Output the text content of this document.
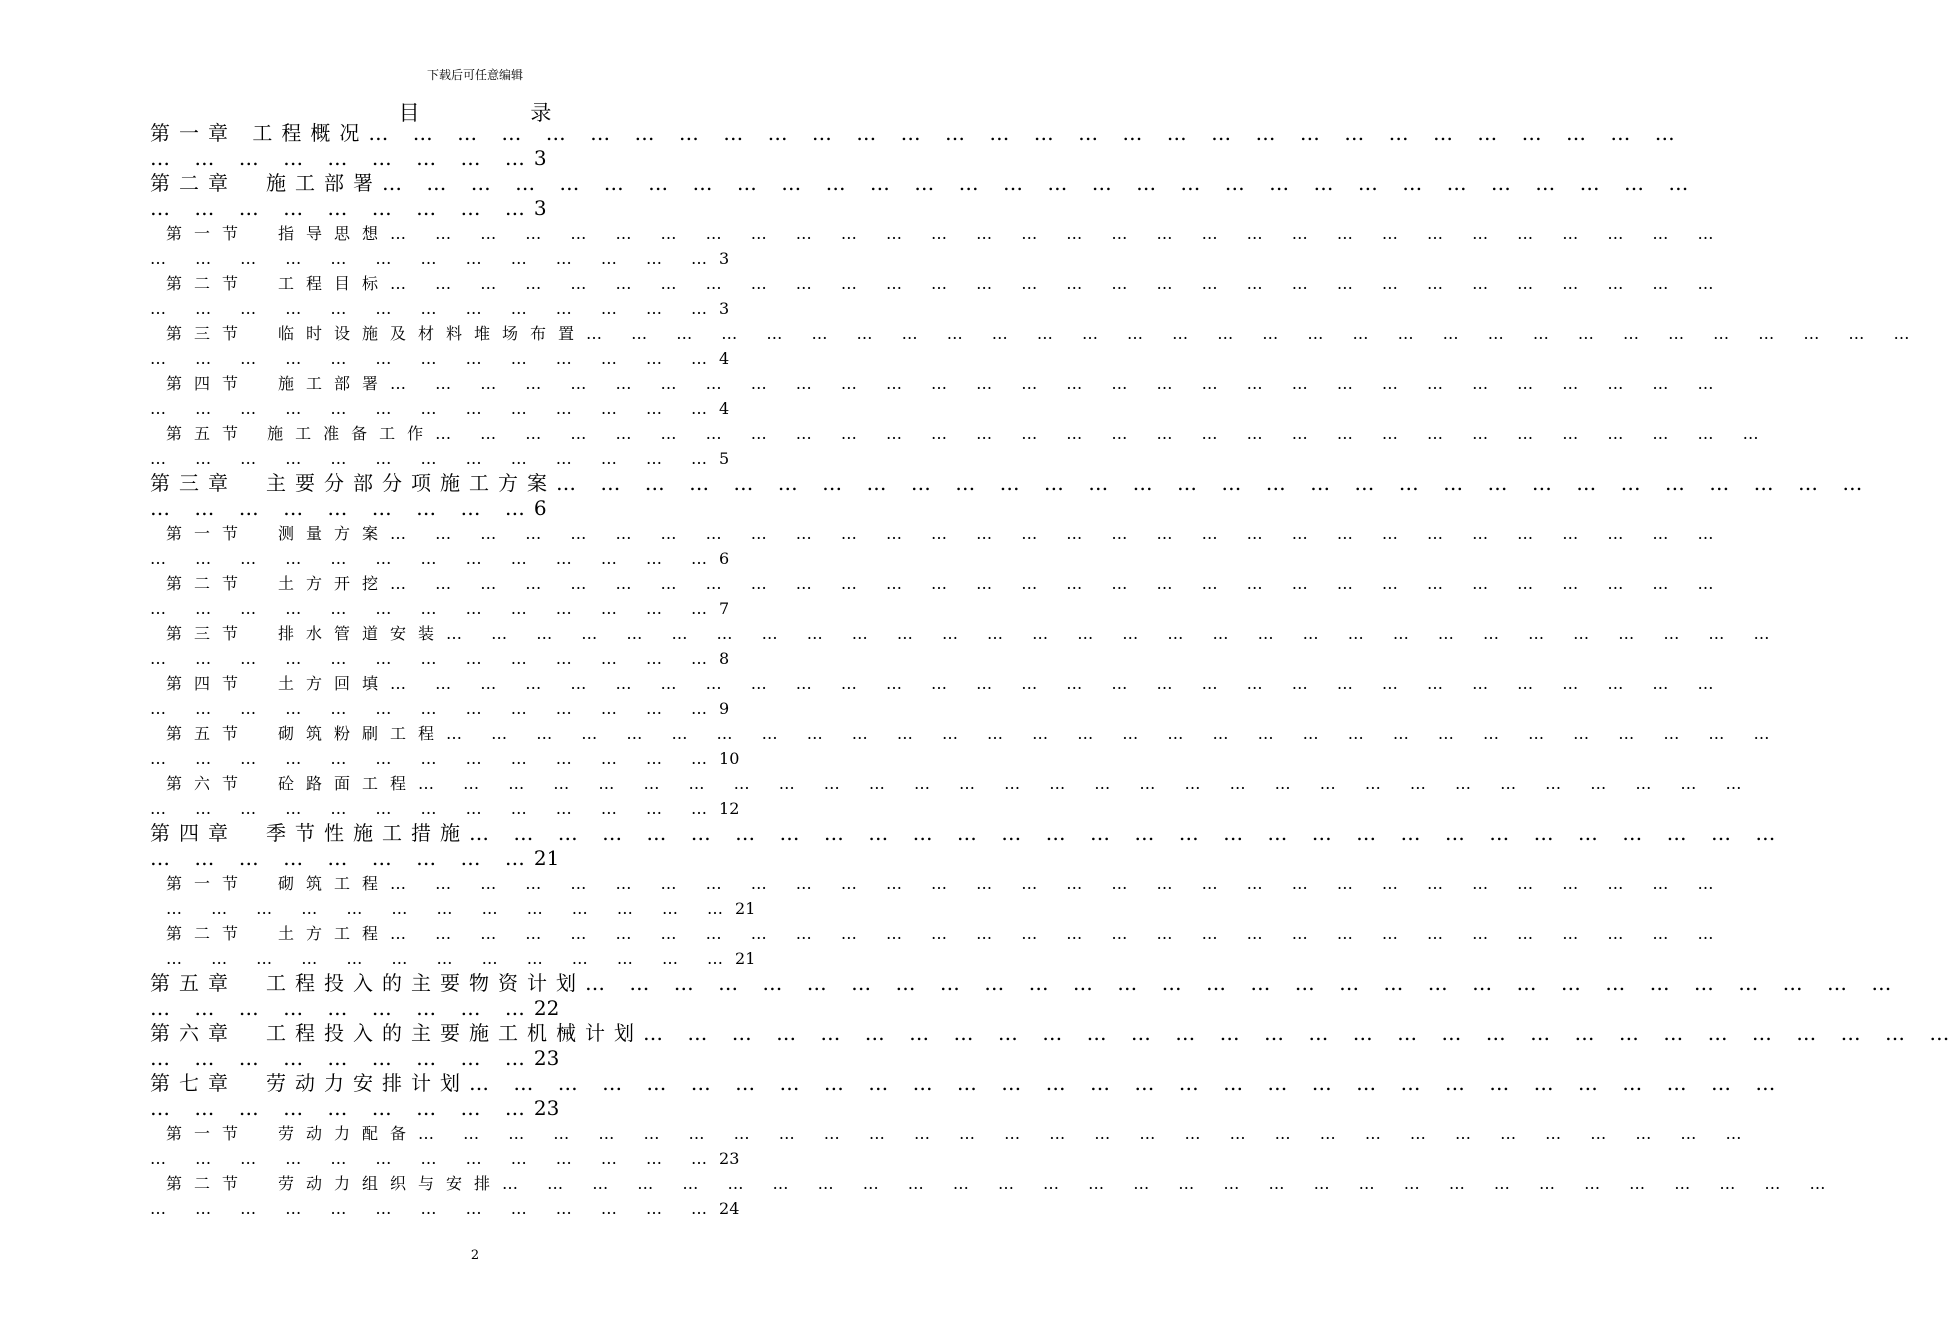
下载后可任意编辑
目 录
第一章 工程概况… … … … … … … … … … … … … … … … … … … … … … … … … … … … … …
… … … … … … … … …3
第二章　施工部署… … … … … … … … … … … … … … … … … … … … … … … … … … … … … …
… … … … … … … … …3
第一节　指导思想… … … … … … … … … … … … … … … … … … … … … … … … … … … … … …
… … … … … … … … … … … … …3
第二节　工程目标… … … … … … … … … … … … … … … … … … … … … … … … … … … … … …
… … … … … … … … … … … … …3
第三节　临时设施及材料堆场布置… … … … … … … … … … … … … … … … … … … … … … … … … … … … … …
… … … … … … … … … … … … …4
第四节　施工部署… … … … … … … … … … … … … … … … … … … … … … … … … … … … … …
… … … … … … … … … … … … …4
第五节 施工准备工作… … … … … … … … … … … … … … … … … … … … … … … … … … … … … …
… … … … … … … … … … … … …5
第三章　主要分部分项施工方案… … … … … … … … … … … … … … … … … … … … … … … … … … … … … …
… … … … … … … … …6
第一节　测量方案… … … … … … … … … … … … … … … … … … … … … … … … … … … … … …
… … … … … … … … … … … … …6
第二节　土方开挖… … … … … … … … … … … … … … … … … … … … … … … … … … … … … …
… … … … … … … … … … … … …7
第三节　排水管道安装… … … … … … … … … … … … … … … … … … … … … … … … … … … … … …
… … … … … … … … … … … … …8
第四节　土方回填… … … … … … … … … … … … … … … … … … … … … … … … … … … … … …
… … … … … … … … … … … … …9
第五节　砌筑粉刷工程… … … … … … … … … … … … … … … … … … … … … … … … … … … … … …
… … … … … … … … … … … … …10
第六节　砼路面工程… … … … … … … … … … … … … … … … … … … … … … … … … … … … … …
… … … … … … … … … … … … …12
第四章　季节性施工措施… … … … … … … … … … … … … … … … … … … … … … … … … … … … … …
… … … … … … … … …21
第一节　砌筑工程… … … … … … … … … … … … … … … … … … … … … … … … … … … … … …
… … … … … … … … … … … … …21
第二节　土方工程… … … … … … … … … … … … … … … … … … … … … … … … … … … … … …
… … … … … … … … … … … … …21
第五章　工程投入的主要物资计划… … … … … … … … … … … … … … … … … … … … … … … … … … … … … …
… … … … … … … … …22
第六章　工程投入的主要施工机械计划… … … … … … … … … … … … … … … … … … … … … … … … … … … … … …
… … … … … … … … …23
第七章　劳动力安排计划… … … … … … … … … … … … … … … … … … … … … … … … … … … … … …
… … … … … … … … …23
第一节　劳动力配备… … … … … … … … … … … … … … … … … … … … … … … … … … … … … …
… … … … … … … … … … … … …23
第二节　劳动力组织与安排… … … … … … … … … … … … … … … … … … … … … … … … … … … … … …
… … … … … … … … … … … … …24
2
